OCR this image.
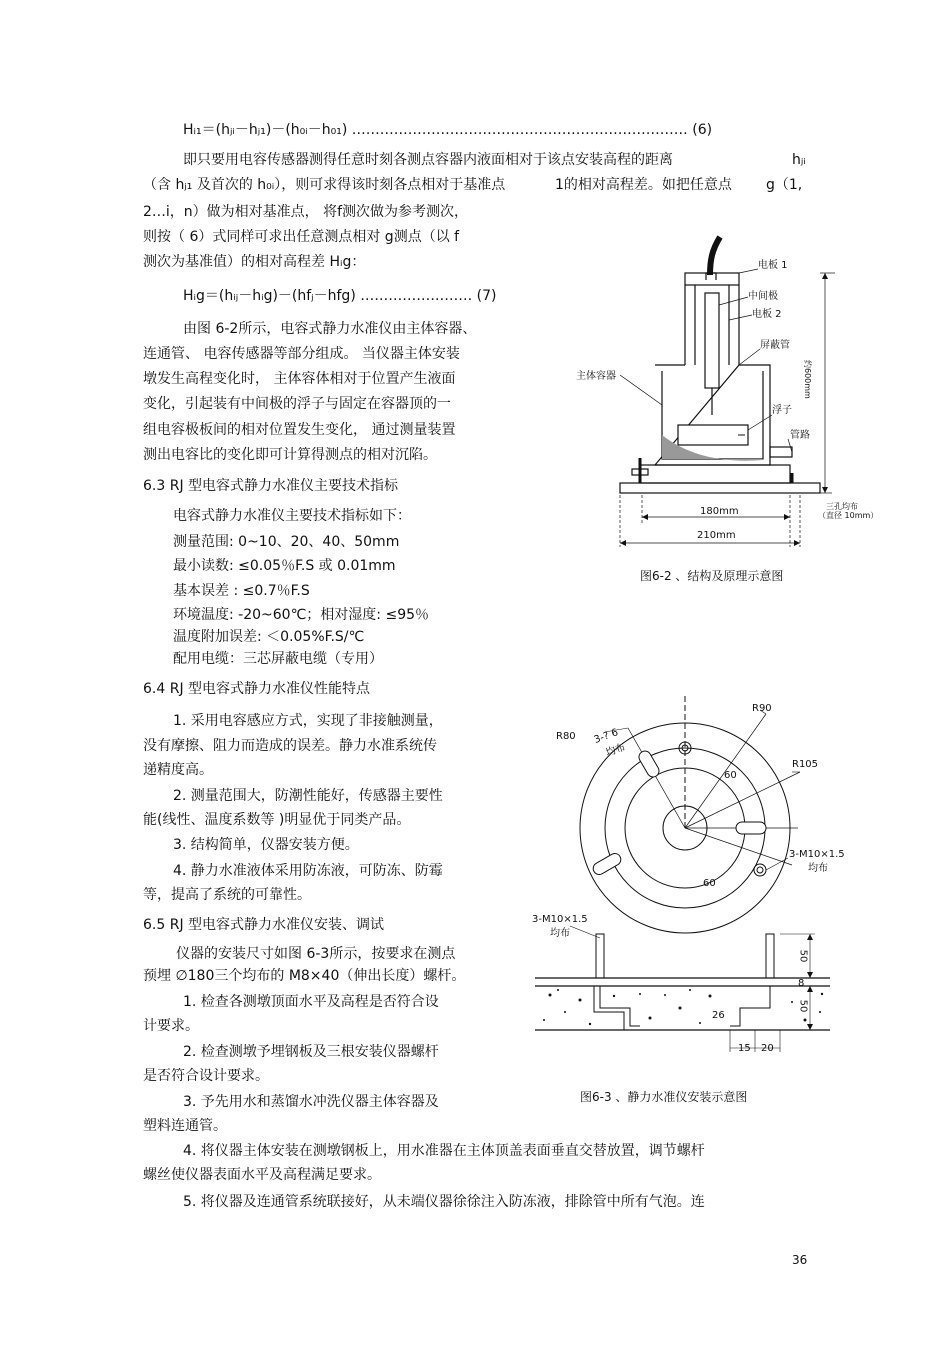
Hᵢ₁＝(hⱼᵢ－hⱼ₁)－(h₀ᵢ－h₀₁) ……………………………………………………………… (6)
即只要用电容传感器测得任意时刻各测点容器内液面相对于该点安装高程的距离	hⱼᵢ
（含 hⱼ₁ 及首次的 h₀ᵢ），则可求得该时刻各点相对于基准点	1的相对高程差。如把任意点 g（1,
2…i，n）做为相对基准点， 将f测次做为参考测次，
则按（ 6）式同样可求出任意测点相对 g测点（以 f
测次为基准值）的相对高程差 Hᵢg：
Hᵢg＝(hᵢⱼ－hᵢg)－(hfⱼ－hfg) …………………… (7)
由图 6-2所示，电容式静力水准仪由主体容器、
连通管、 电容传感器等部分组成。 当仪器主体安装
墩发生高程变化时， 主体容体相对于位置产生液面
变化，引起装有中间极的浮子与固定在容器顶的一
组电容极板间的相对位置发生变化， 通过测量装置
测出电容比的变化即可计算得测点的相对沉陷。
6.3 RJ 型电容式静力水准仪主要技术指标
电容式静力水准仪主要技术指标如下：
测量范围: 0~10、20、40、50mm
最小读数: ≤0.05％F.S 或 0.01mm
基本误差 : ≤0.7％F.S
环境温度: -20~60℃；相对湿度: ≤95％
温度附加误差: ＜0.05%F.S/℃
配用电缆：三芯屏蔽电缆（专用）
6.4 RJ 型电容式静力水准仪性能特点
1. 采用电容感应方式，实现了非接触测量，
没有摩擦、阻力而造成的误差。静力水准系统传
递精度高。
2. 测量范围大，防潮性能好，传感器主要性
能(线性、温度系数等 )明显优于同类产品。
3. 结构简单，仪器安装方便。
4. 静力水准液体采用防冻液，可防冻、防霉
等，提高了系统的可靠性。
6.5 RJ 型电容式静力水准仪安装、调试
仪器的安装尺寸如图 6-3所示，按要求在测点
预埋 ∅180三个均布的 M8×40（伸出长度）螺杆。
1. 检查各测墩顶面水平及高程是否符合设
计要求。
2. 检查测墩予埋钢板及三根安装仪器螺杆
是否符合设计要求。
3. 予先用水和蒸馏水冲洗仪器主体容器及
塑料连通管。
4. 将仪器主体安装在测墩钢板上，用水准器在主体顶盖表面垂直交替放置，调节螺杆
螺丝使仪器表面水平及高程满足要求。
5. 将仪器及连通管系统联接好，从未端仪器徐徐注入防冻液，排除管中所有气泡。连
36
电板 1
中间极
电板 2
屏蔽管
主体容器
浮子
管路
约600mm
三孔均布
（直径 10mm）
180mm
210mm
图6-2 、结构及原理示意图
R90
R80
R105
3-? 6
均布
60
60
3-M10×1.5
均布
3-M10×1.5
均布
50
50
8
26
15 20
图6-3 、静力水准仪安装示意图
